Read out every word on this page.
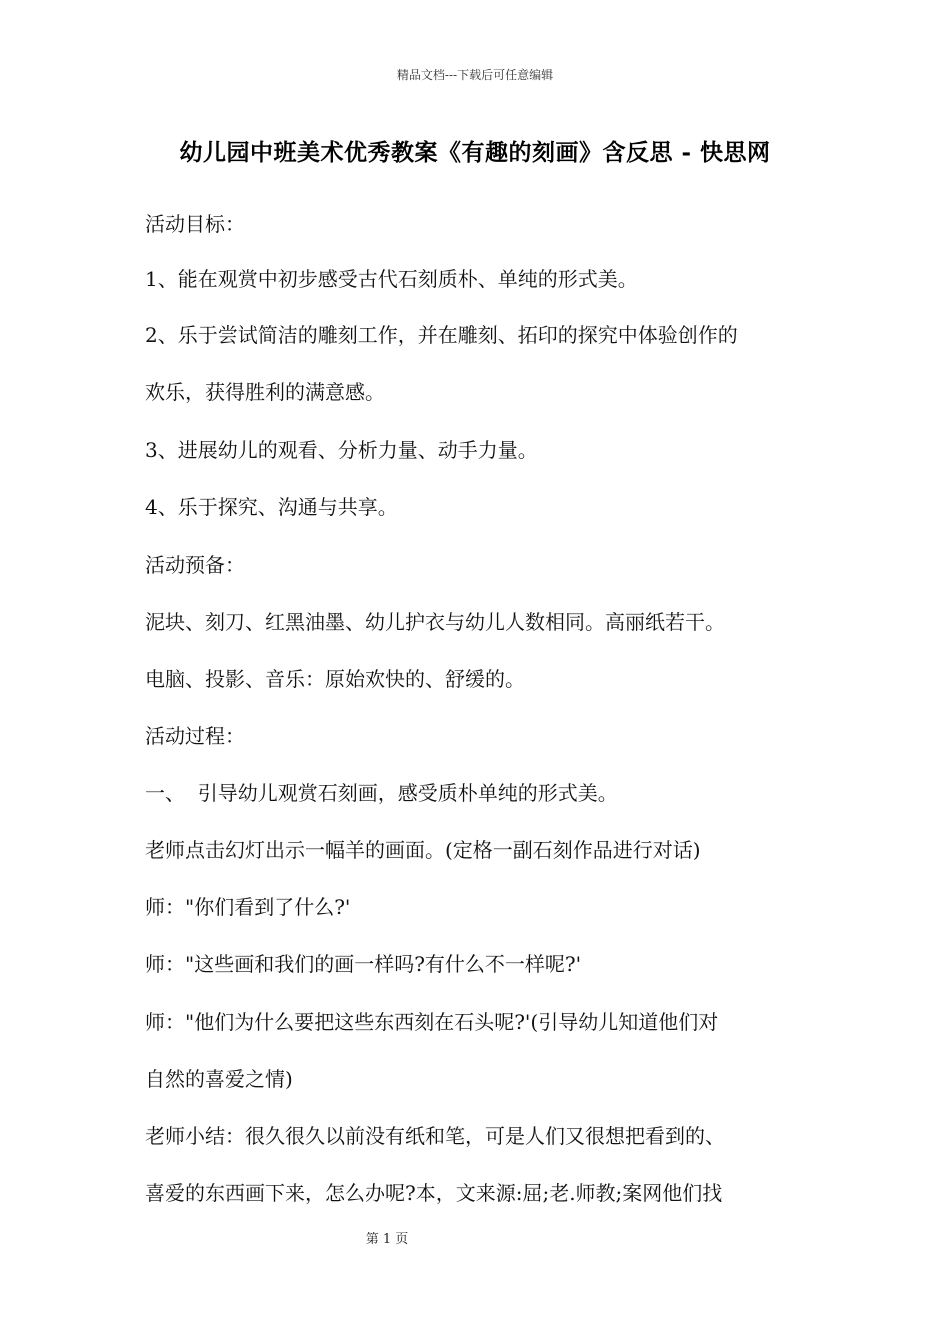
精品文档---下载后可任意编辑
幼儿园中班美术优秀教案《有趣的刻画》含反思 - 快思网
活动目标：
1、能在观赏中初步感受古代石刻质朴、单纯的形式美。
2、乐于尝试简洁的雕刻工作，并在雕刻、拓印的探究中体验创作的
欢乐，获得胜利的满意感。
3、进展幼儿的观看、分析力量、动手力量。
4、乐于探究、沟通与共享。
活动预备：
泥块、刻刀、红黑油墨、幼儿护衣与幼儿人数相同。高丽纸若干。
电脑、投影、音乐：原始欢快的、舒缓的。
活动过程：
一、  引导幼儿观赏石刻画，感受质朴单纯的形式美。
老师点击幻灯出示一幅羊的画面。(定格一副石刻作品进行对话)
师："你们看到了什么?'
师："这些画和我们的画一样吗?有什么不一样呢?'
师："他们为什么要把这些东西刻在石头呢?'(引导幼儿知道他们对
自然的喜爱之情)
老师小结：很久很久以前没有纸和笔，可是人们又很想把看到的、
喜爱的东西画下来，怎么办呢?本，文来源:屈;老.师教;案网他们找
第 1 页
